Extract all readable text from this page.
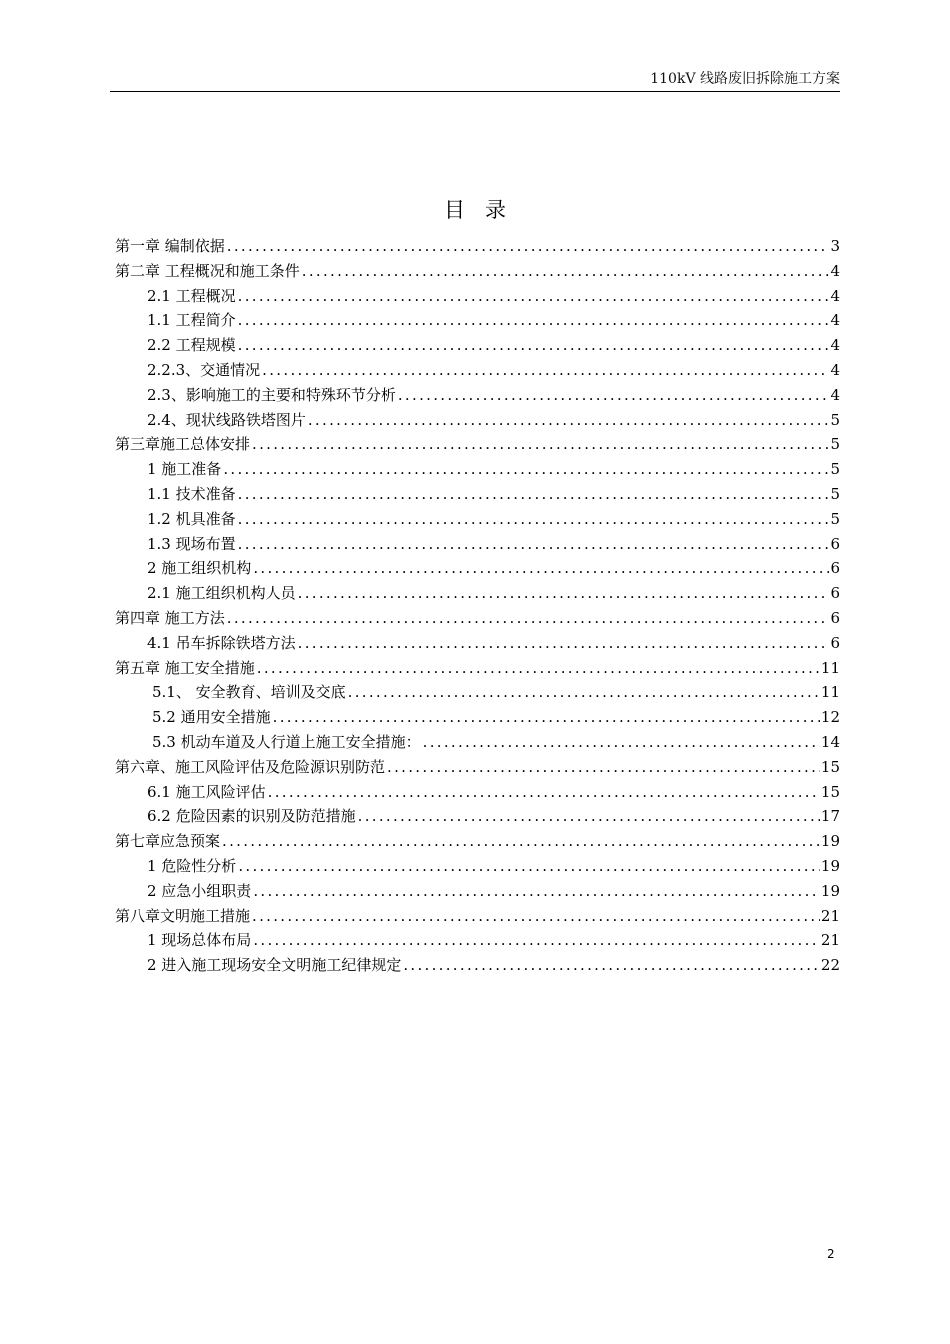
110kV 线路废旧拆除施工方案
目录
第一章 编制依据 .....	3
第二章 工程概况和施工条件 .....	4
2.1 工程概况 .....	4
1.1 工程简介 .....	4
2.2 工程规模 .....	4
2.2.3、交通情况 .....	4
2.3、影响施工的主要和特殊环节分析 .....	4
2.4、现状线路铁塔图片 .....	5
第三章施工总体安排 .....	5
1 施工准备 .....	5
1.1 技术准备 .....	5
1.2 机具准备 .....	5
1.3 现场布置 .....	6
2 施工组织机构 .....	6
2.1 施工组织机构人员 .....	6
第四章 施工方法 .....	6
4.1 吊车拆除铁塔方法 .....	6
第五章 施工安全措施 .....	11
5.1、 安全教育、培训及交底 .....	11
5.2 通用安全措施 .....	12
5.3 机动车道及人行道上施工安全措施： .....	14
第六章、施工风险评估及危险源识别防范 .....	15
6.1 施工风险评估 .....	15
6.2 危险因素的识别及防范措施 .....	17
第七章应急预案 .....	19
1 危险性分析 .....	19
2 应急小组职责 .....	19
第八章文明施工措施 .....	21
1 现场总体布局 .....	21
2 进入施工现场安全文明施工纪律规定 .....	22
2
